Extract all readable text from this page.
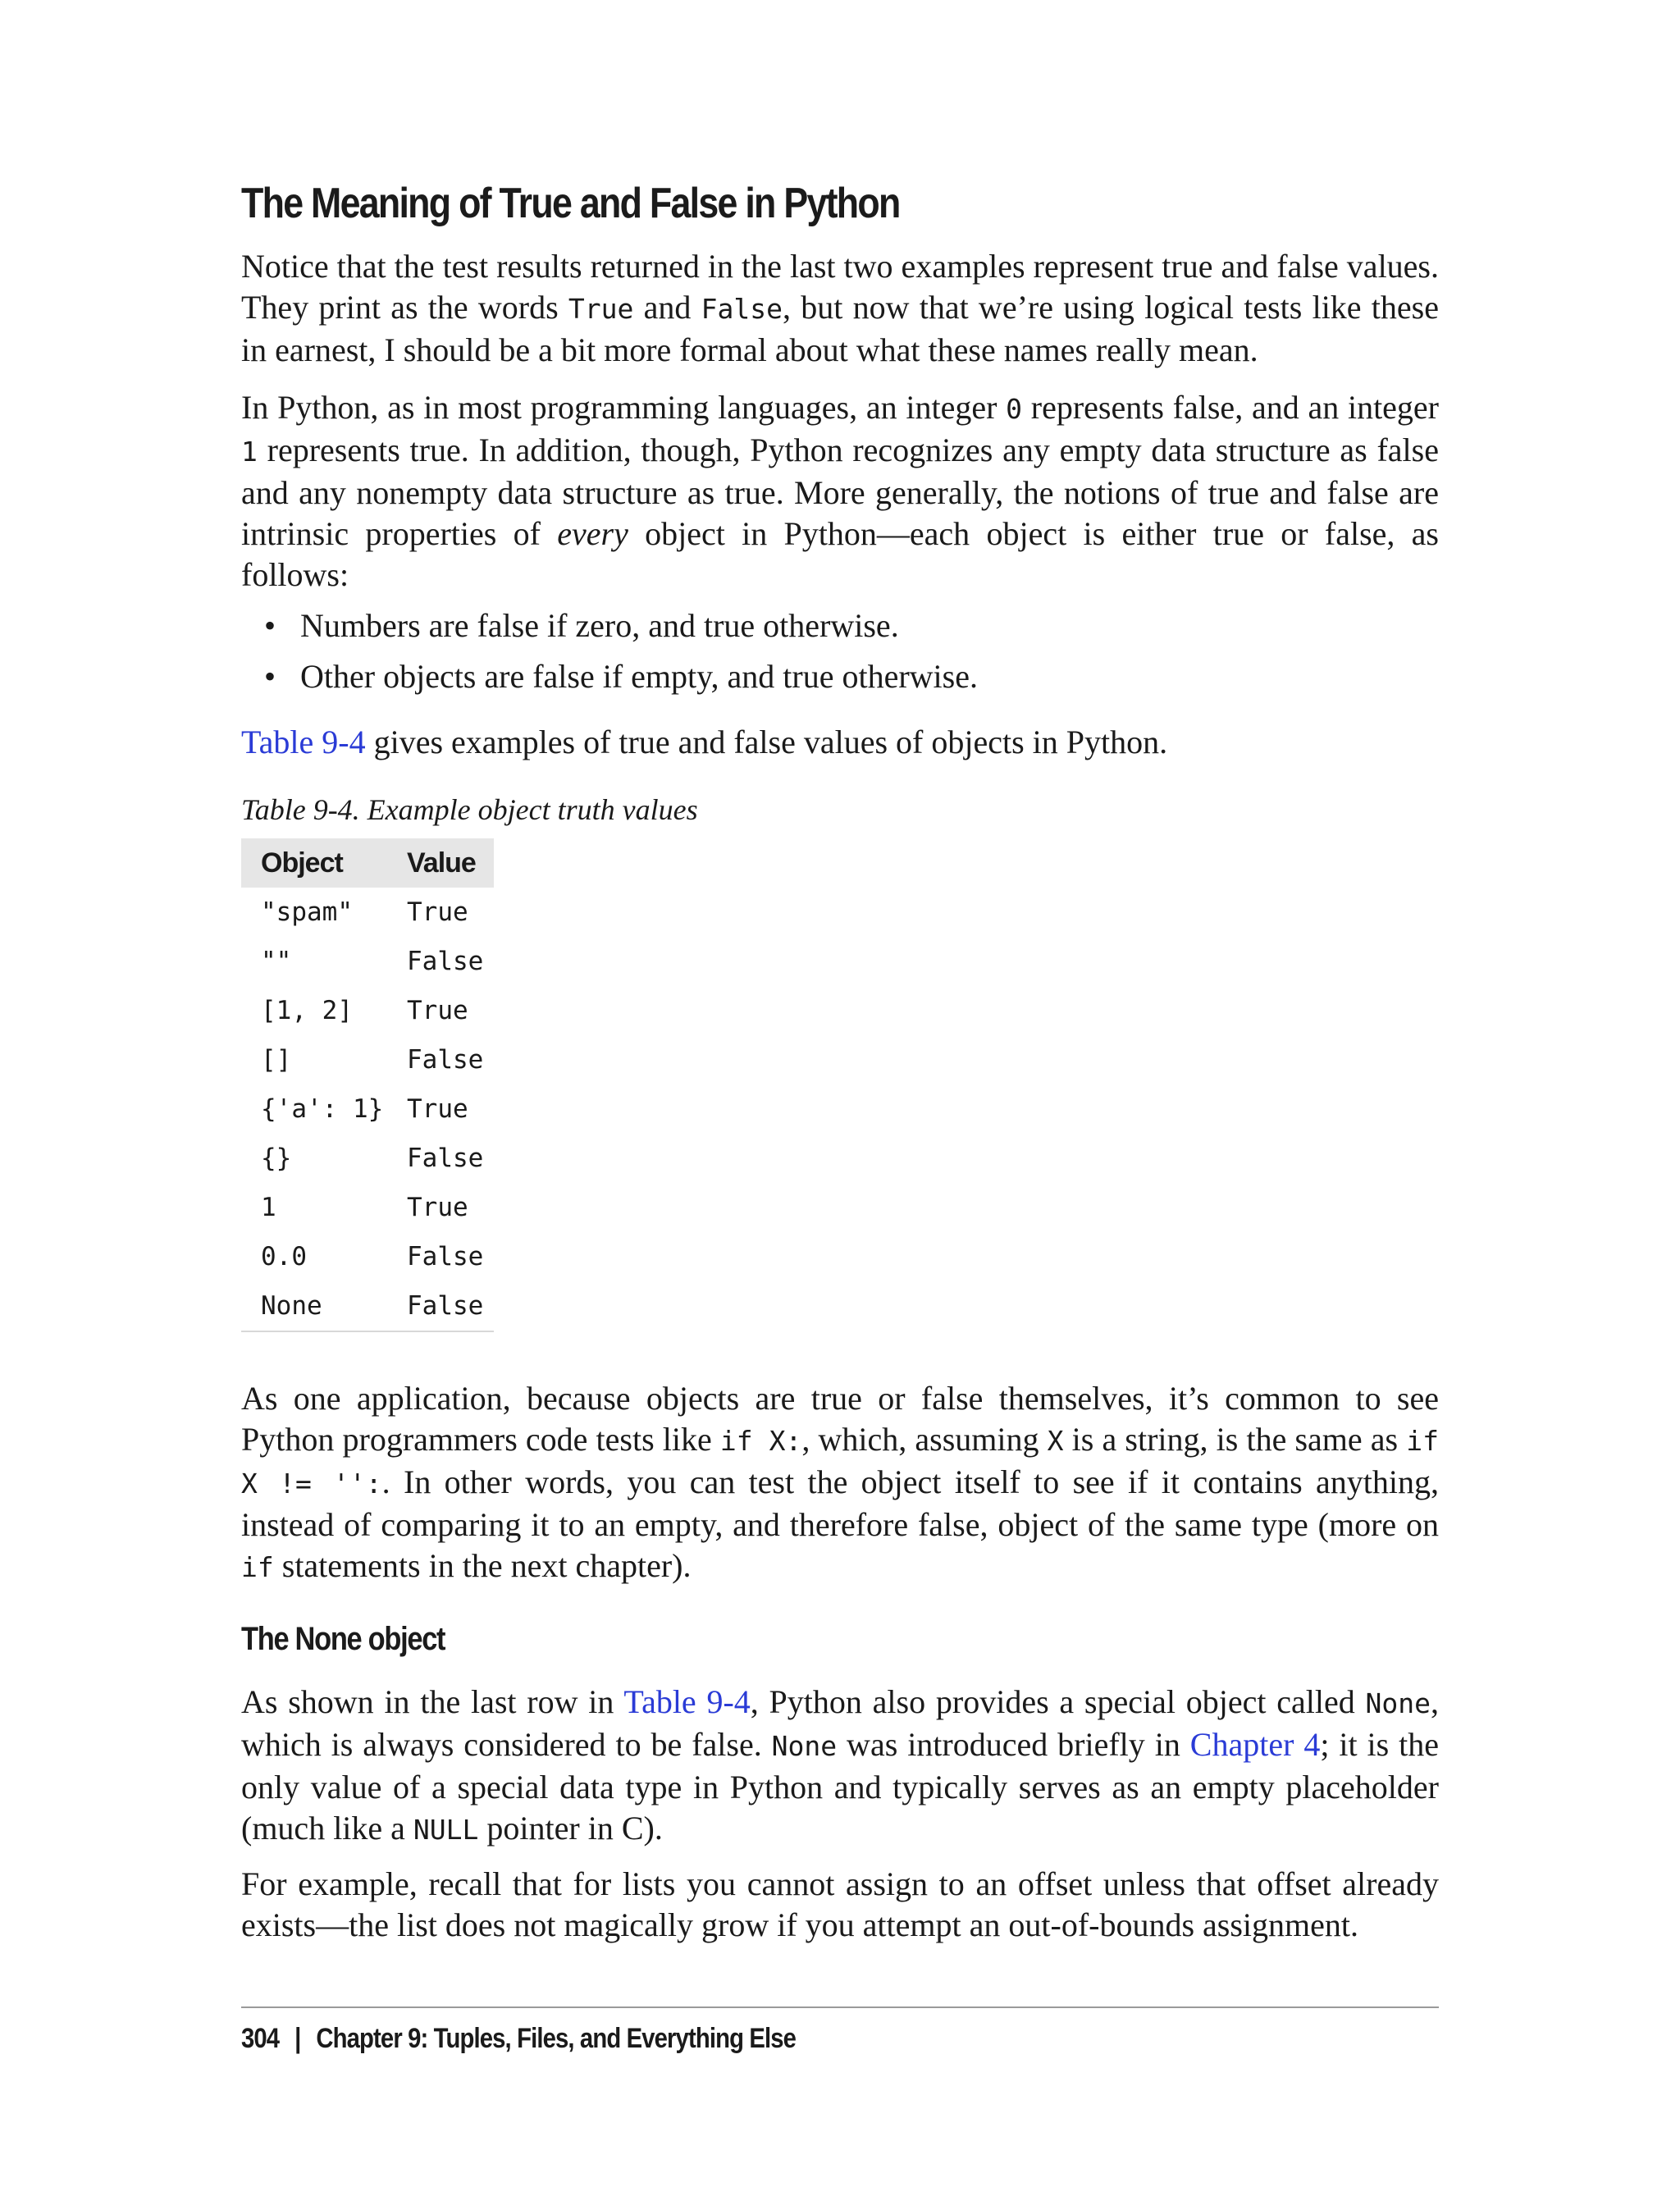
The Meaning of True and False in Python

Notice that the test results returned in the last two examples represent true and false values. They print as the words True and False, but now that we’re using logical tests like these in earnest, I should be a bit more formal about what these names really mean.

In Python, as in most programming languages, an integer 0 represents false, and an integer 1 represents true. In addition, though, Python recognizes any empty data structure as false and any nonempty data structure as true. More generally, the notions of true and false are intrinsic properties of every object in Python—each object is either true or false, as follows:

• Numbers are false if zero, and true otherwise.
• Other objects are false if empty, and true otherwise.

Table 9-4 gives examples of true and false values of objects in Python.

Table 9-4. Example object truth values

Object	Value
"spam"	True
""	False
[1, 2]	True
[]	False
{'a': 1}	True
{}	False
1	True
0.0	False
None	False

As one application, because objects are true or false themselves, it’s common to see Python programmers code tests like if X:, which, assuming X is a string, is the same as if X != '':. In other words, you can test the object itself to see if it contains anything, instead of comparing it to an empty, and therefore false, object of the same type (more on if statements in the next chapter).

The None object

As shown in the last row in Table 9-4, Python also provides a special object called None, which is always considered to be false. None was introduced briefly in Chapter 4; it is the only value of a special data type in Python and typically serves as an empty placeholder (much like a NULL pointer in C).

For example, recall that for lists you cannot assign to an offset unless that offset already exists—the list does not magically grow if you attempt an out-of-bounds assignment.

304 | Chapter 9: Tuples, Files, and Everything Else
